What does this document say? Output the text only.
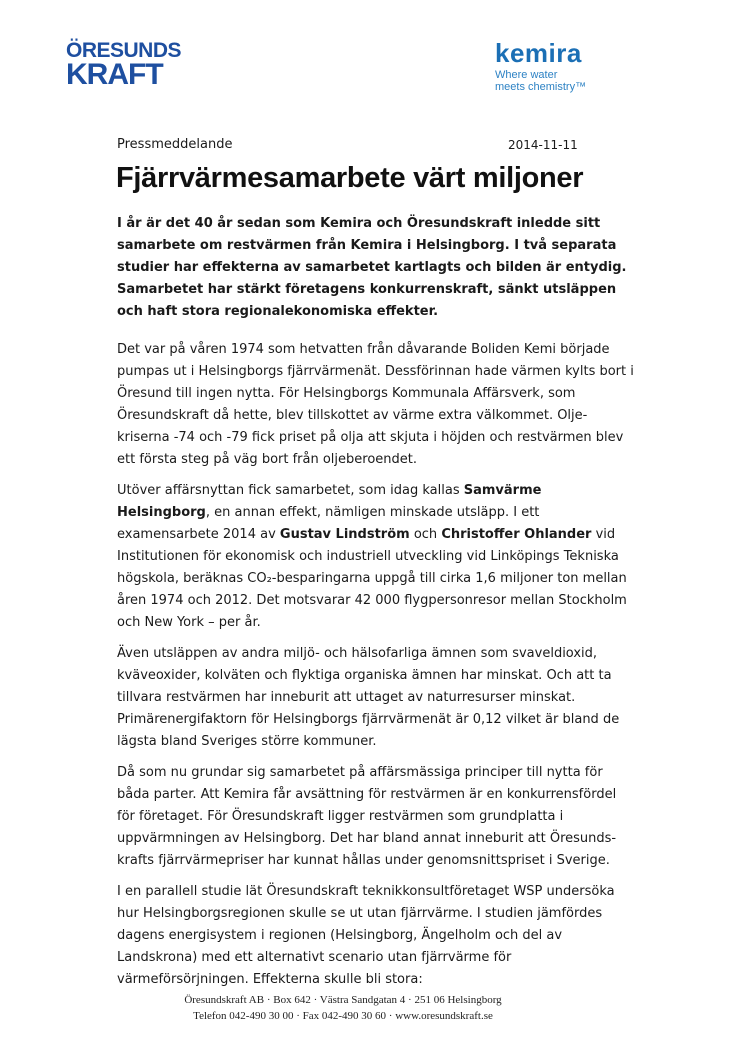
ÖRESUNDS
KRAFT
kemira
Where water
meets chemistry™
Pressmeddelande	2014-11-11
Fjärrvärmesamarbete värt miljoner

I år är det 40 år sedan som Kemira och Öresundskraft inledde sitt samarbete om restvärmen från Kemira i Helsingborg. I två separata studier har effekterna av samarbetet kartlagts och bilden är entydig. Samarbetet har stärkt företagens konkurrenskraft, sänkt utsläppen och haft stora regionalekonomiska effekter.

Det var på våren 1974 som hetvatten från dåvarande Boliden Kemi började pumpas ut i Helsingborgs fjärrvärmenät. Dessförinnan hade värmen kylts bort i Öresund till ingen nytta. För Helsingborgs Kommunala Affärsverk, som Öresundskraft då hette, blev tillskottet av värme extra välkommet. Olje-kriserna -74 och -79 fick priset på olja att skjuta i höjden och restvärmen blev ett första steg på väg bort från oljeberoendet.

Utöver affärsnyttan fick samarbetet, som idag kallas Samvärme Helsingborg, en annan effekt, nämligen minskade utsläpp. I ett examensarbete 2014 av Gustav Lindström och Christoffer Ohlander vid Institutionen för ekonomisk och industriell utveckling vid Linköpings Tekniska högskola, beräknas CO₂-besparingarna uppgå till cirka 1,6 miljoner ton mellan åren 1974 och 2012. Det motsvarar 42 000 flygpersonresor mellan Stockholm och New York – per år.

Även utsläppen av andra miljö- och hälsofarliga ämnen som svaveldioxid, kväveoxider, kolväten och flyktiga organiska ämnen har minskat. Och att ta tillvara restvärmen har inneburit att uttaget av naturresurser minskat. Primärenergifaktorn för Helsingborgs fjärrvärmenät är 0,12 vilket är bland de lägsta bland Sveriges större kommuner.

Då som nu grundar sig samarbetet på affärsmässiga principer till nytta för båda parter. Att Kemira får avsättning för restvärmen är en konkurrensfördel för företaget. För Öresundskraft ligger restvärmen som grundplatta i uppvärmningen av Helsingborg. Det har bland annat inneburit att Öresunds-krafts fjärrvärmepriser har kunnat hållas under genomsnittspriset i Sverige.

I en parallell studie lät Öresundskraft teknikkonsultföretaget WSP undersöka hur Helsingborgsregionen skulle se ut utan fjärrvärme. I studien jämfördes dagens energisystem i regionen (Helsingborg, Ängelholm och del av Landskrona) med ett alternativt scenario utan fjärrvärme för värmeförsörjningen. Effekterna skulle bli stora:

Öresundskraft AB · Box 642 · Västra Sandgatan 4 · 251 06 Helsingborg
Telefon 042-490 30 00 · Fax 042-490 30 60 · www.oresundskraft.se
